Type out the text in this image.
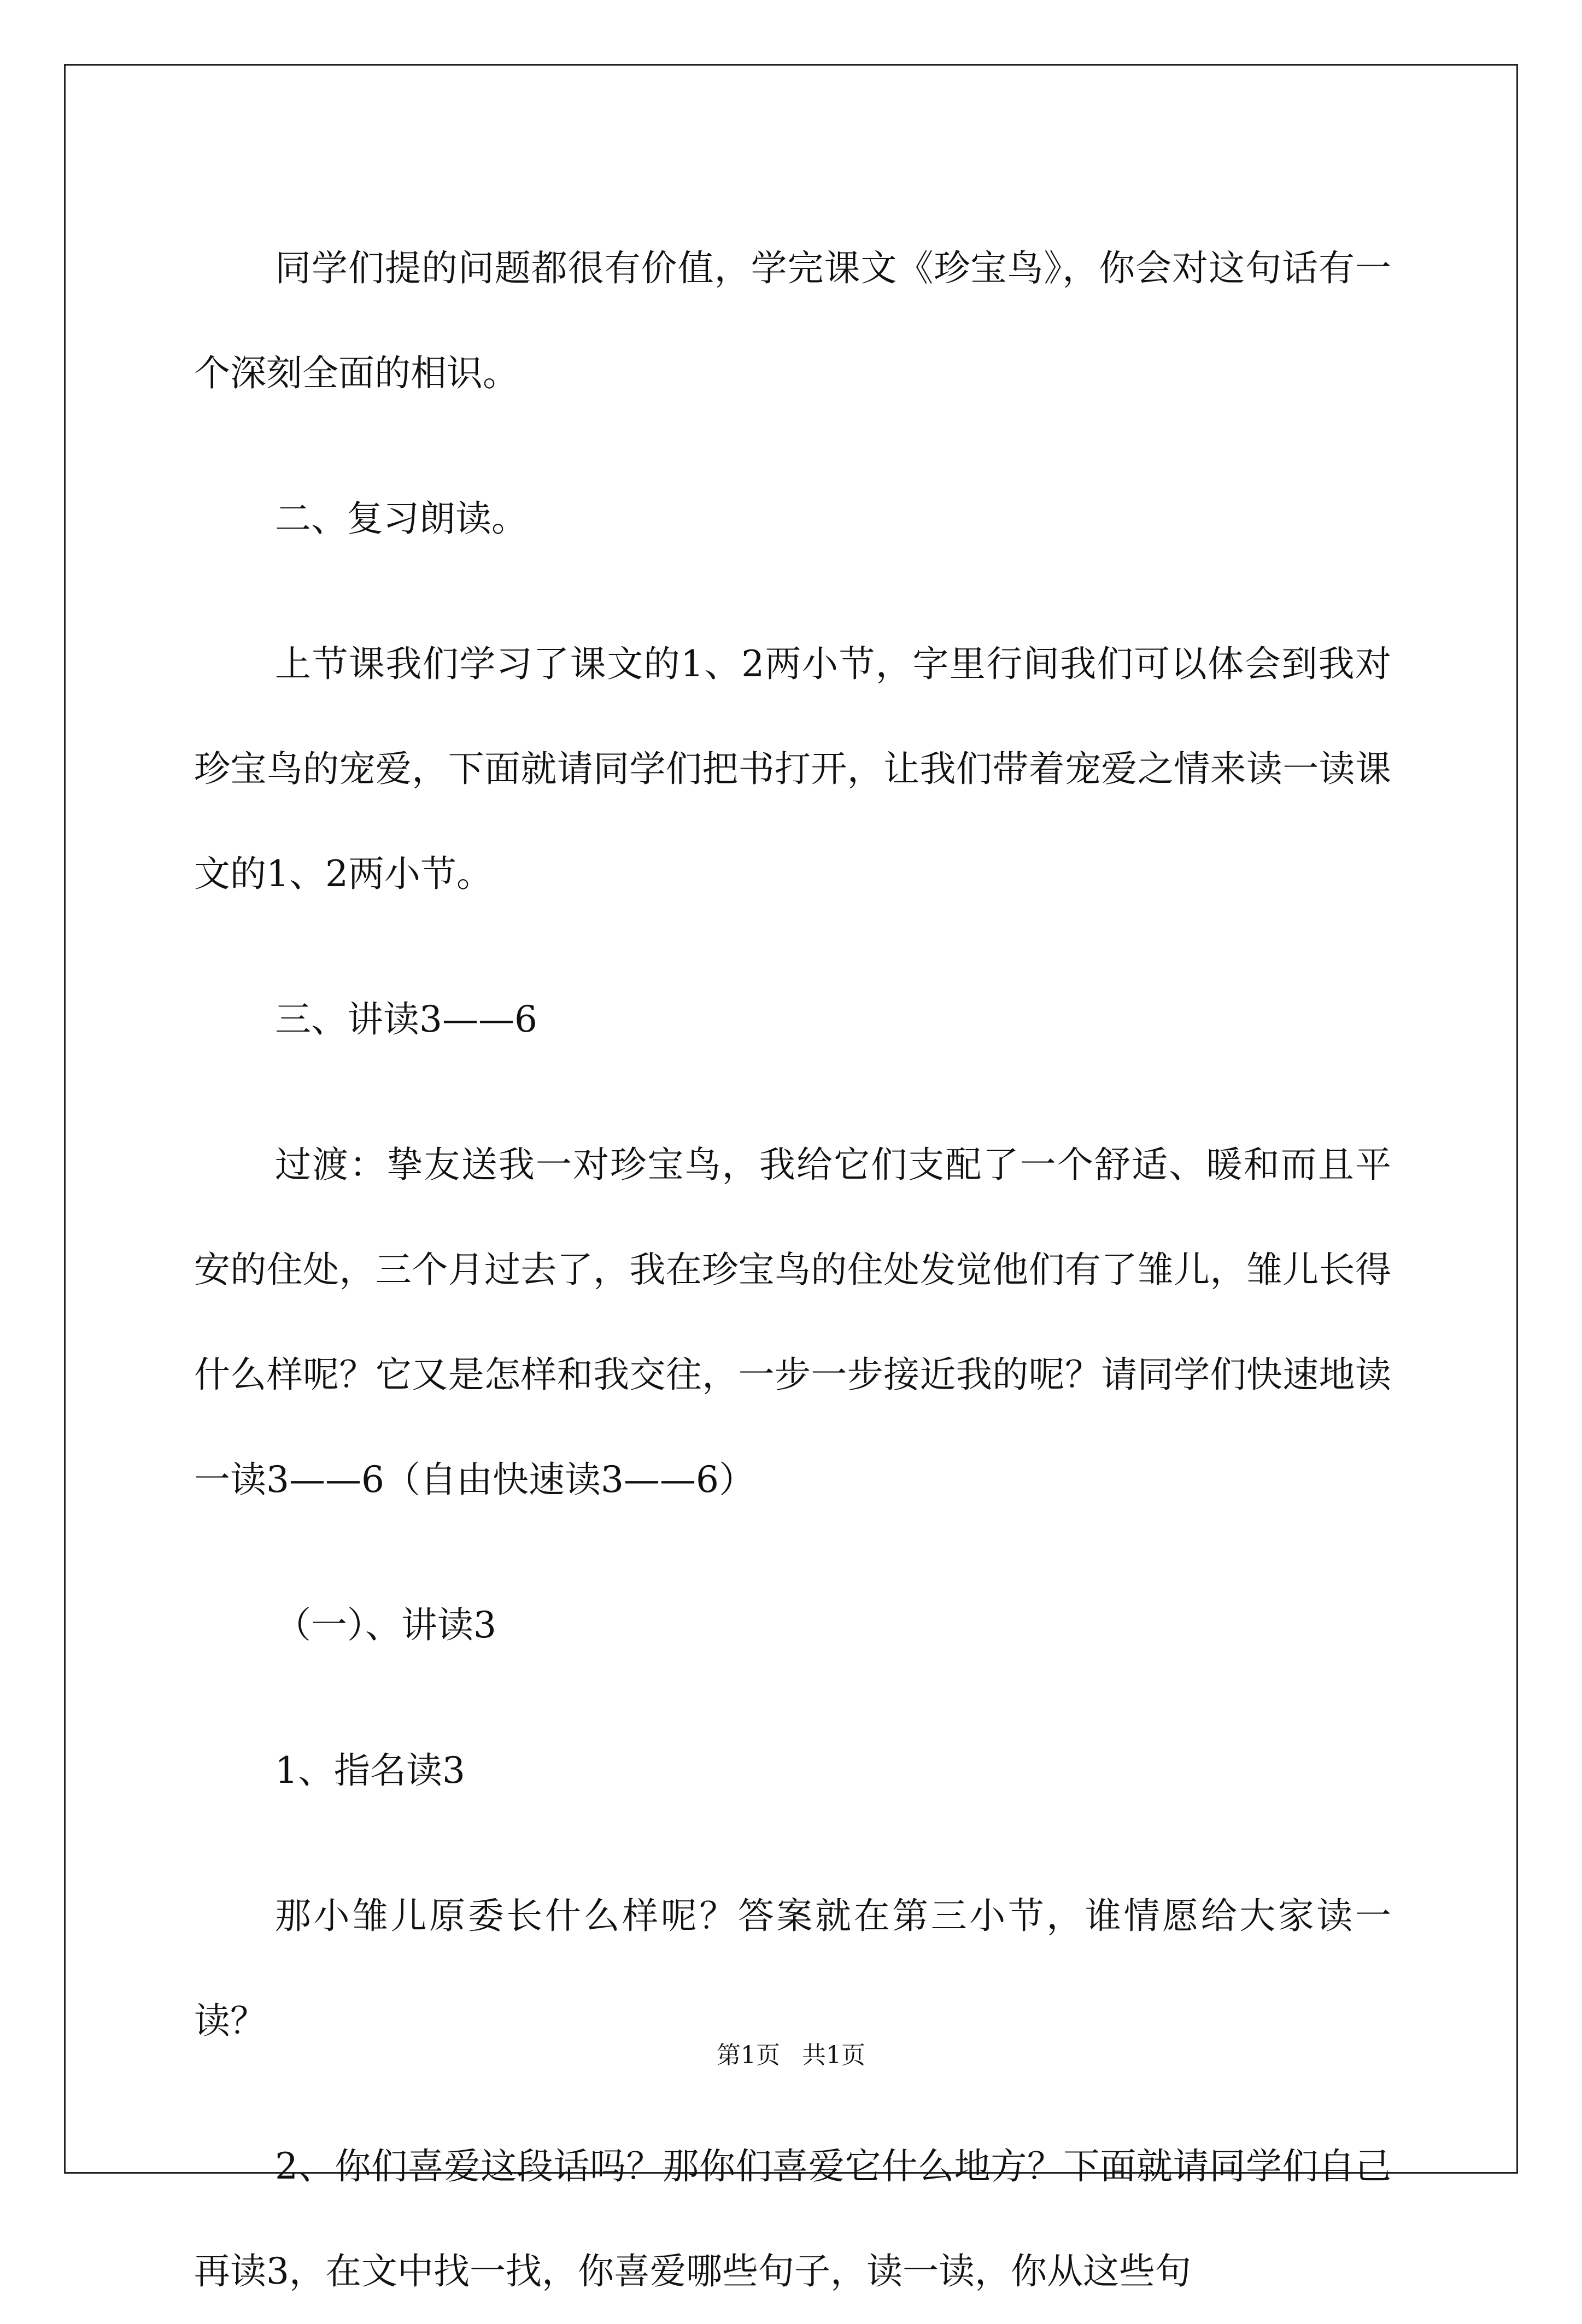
同学们提的问题都很有价值，学完课文《珍宝鸟》，你会对这句话有一个深刻全面的相识。

二、复习朗读。

上节课我们学习了课文的1、2两小节，字里行间我们可以体会到我对珍宝鸟的宠爱，下面就请同学们把书打开，让我们带着宠爱之情来读一读课文的1、2两小节。

三、讲读3——6

过渡：挚友送我一对珍宝鸟，我给它们支配了一个舒适、暖和而且平安的住处，三个月过去了，我在珍宝鸟的住处发觉他们有了雏儿，雏儿长得什么样呢？它又是怎样和我交往，一步一步接近我的呢？请同学们快速地读一读3——6（自由快速读3——6）

（一）、讲读3

1、指名读3

那小雏儿原委长什么样呢？答案就在第三小节，谁情愿给大家读一读？

2、你们喜爱这段话吗？那你们喜爱它什么地方？下面就请同学们自己再读3，在文中找一找，你喜爱哪些句子，读一读，你从这些句

第1页 共1页
